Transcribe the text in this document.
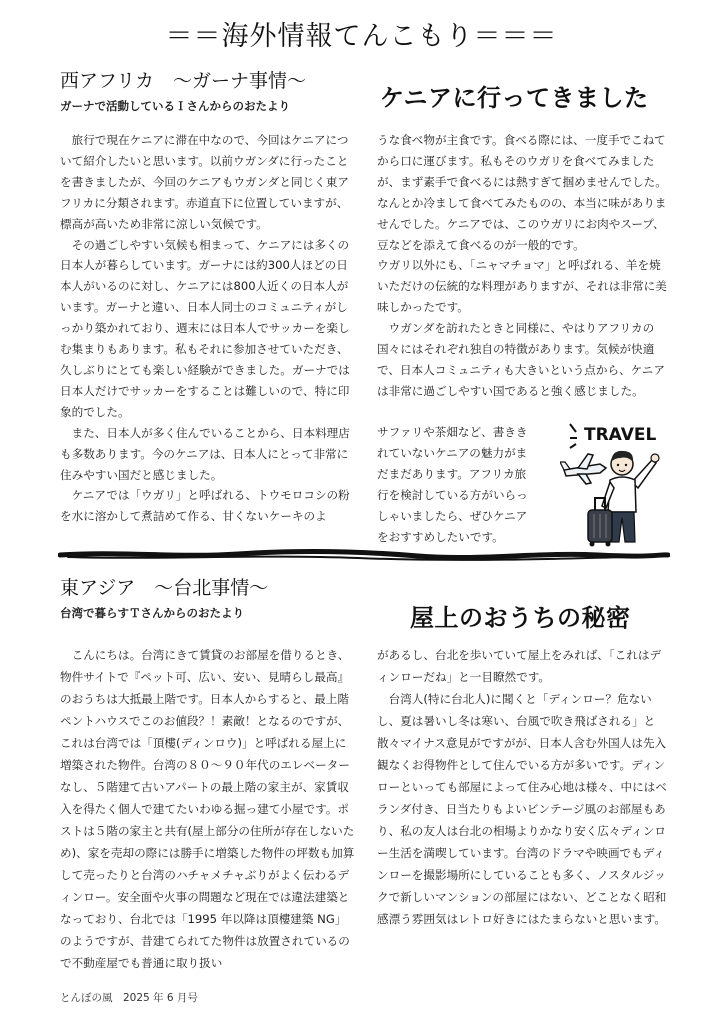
＝＝海外情報てんこもり＝＝＝
西アフリカ　～ガーナ事情～
ガーナで活動しているＩさんからのおたより	ケニアに行ってきました

旅行で現在ケニアに滞在中なので、今回はケニアについて紹介したいと思います。以前ウガンダに行ったことを書きましたが、今回のケニアもウガンダと同じく東アフリカに分類されます。赤道直下に位置していますが、標高が高いため非常に涼しい気候です。

その過ごしやすい気候も相まって、ケニアには多くの日本人が暮らしています。ガーナには約300人ほどの日本人がいるのに対し、ケニアには800人近くの日本人がいます。ガーナと違い、日本人同士のコミュニティがしっかり築かれており、週末には日本人でサッカーを楽しむ集まりもあります。私もそれに参加させていただき、久しぶりにとても楽しい経験ができました。ガーナでは日本人だけでサッカーをすることは難しいので、特に印象的でした。

また、日本人が多く住んでいることから、日本料理店も多数あります。今のケニアは、日本人にとって非常に住みやすい国だと感じました。

ケニアでは「ウガリ」と呼ばれる、トウモロコシの粉を水に溶かして煮詰めて作る、甘くないケーキのよ

うな食べ物が主食です。食べる際には、一度手でこねてから口に運びます。私もそのウガリを食べてみましたが、まず素手で食べるには熱すぎて掴めませんでした。なんとか冷まして食べてみたものの、本当に味がありませんでした。ケニアでは、このウガリにお肉やスープ、豆などを添えて食べるのが一般的です。

ウガリ以外にも、「ニャマチョマ」と呼ばれる、羊を焼いただけの伝統的な料理がありますが、それは非常に美味しかったです。

ウガンダを訪れたときと同様に、やはりアフリカの国々にはそれぞれ独自の特徴があります。気候が快適で、日本人コミュニティも大きいという点から、ケニアは非常に過ごしやすい国であると強く感じました。

サファリや茶畑など、書きき
れていないケニアの魅力がま
だまだあります。アフリカ旅
行を検討している方がいらっ
しゃいましたら、ぜひケニア
をおすすめしたいです。
TRAVEL
東アジア　～台北事情～
台湾で暮らすＴさんからのおたより	屋上のおうちの秘密

こんにちは。台湾にきて賃貸のお部屋を借りるとき、物件サイトで『ペット可、広い、安い、見晴らし最高』のおうちは大抵最上階です。日本人からすると、最上階ペントハウスでこのお値段？！素敵！となるのですが、これは台湾では「頂樓(ディンロウ)」と呼ばれる屋上に増築された物件。台湾の８０～９０年代のエレベーターなし、５階建て古いアパートの最上階の家主が、家賃収入を得たく個人で建てたいわゆる掘っ建て小屋です。ポストは５階の家主と共有(屋上部分の住所が存在しないため)、家を売却の際には勝手に増築した物件の坪数も加算して売ったりと台湾のハチャメチャぶりがよく伝わるディンロー。安全面や火事の問題など現在では違法建築となっており、台北では「1995 年以降は頂樓建築 NG」のようですが、昔建てられてた物件は放置されているので不動産屋でも普通に取り扱い

があるし、台北を歩いていて屋上をみれば、「これはディンローだね」と一目瞭然です。

台湾人(特に台北人)に聞くと「ディンロー？危ないし、夏は暑いし冬は寒い、台風で吹き飛ばされる」と散々マイナス意見がですがが、日本人含む外国人は先入観なくお得物件として住んでいる方が多いです。ディンローといっても部屋によって住み心地は様々、中にはベランダ付き、日当たりもよいビンテージ風のお部屋もあり、私の友人は台北の相場よりかなり安く広々ディンロー生活を満喫しています。台湾のドラマや映画でもディンローを撮影場所にしていることも多く、ノスタルジックで新しいマンションの部屋にはない、どことなく昭和感漂う雰囲気はレトロ好きにはたまらないと思います。

とんぼの風　2025 年 6 月号
